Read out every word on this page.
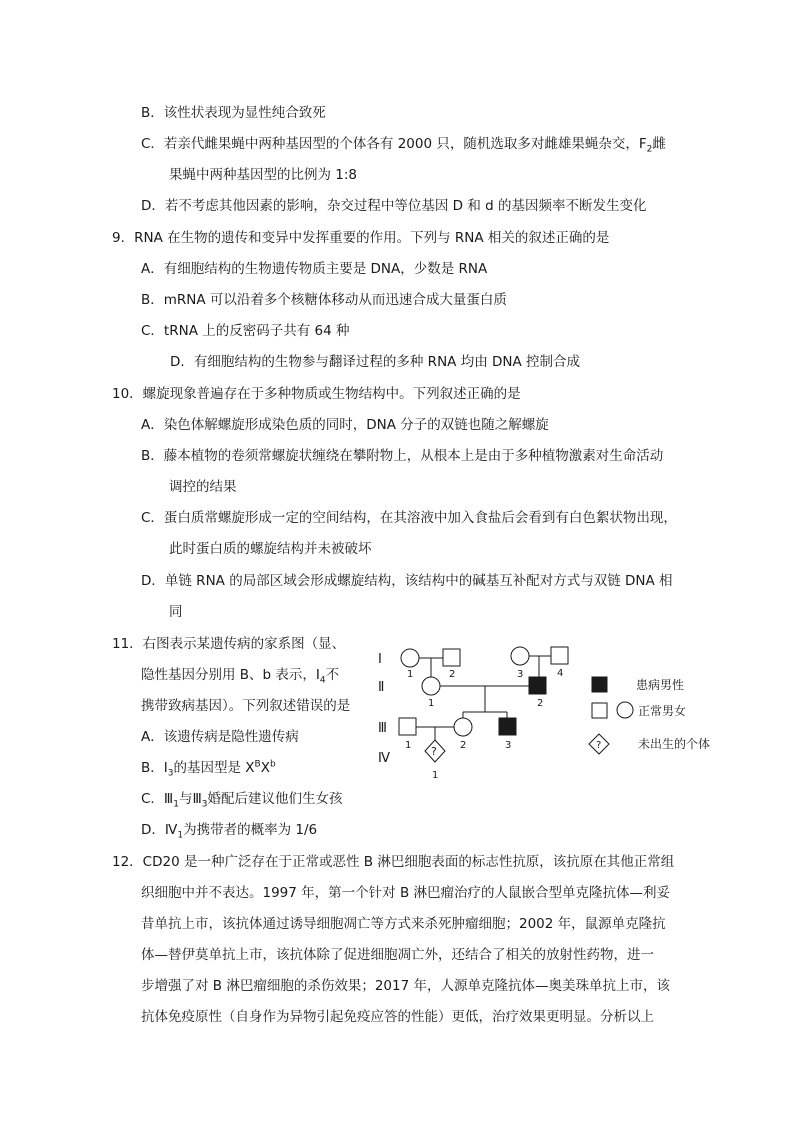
B．该性状表现为显性纯合致死
C．若亲代雌果蝇中两种基因型的个体各有 2000 只，随机选取多对雌雄果蝇杂交，$F_2$雌
果蝇中两种基因型的比例为 1:8
D．若不考虑其他因素的影响，杂交过程中等位基因 D 和 d 的基因频率不断发生变化
9．RNA 在生物的遗传和变异中发挥重要的作用。下列与 RNA 相关的叙述正确的是
A．有细胞结构的生物遗传物质主要是 DNA，少数是 RNA
B．mRNA 可以沿着多个核糖体移动从而迅速合成大量蛋白质
C．tRNA 上的反密码子共有 64 种
D．有细胞结构的生物参与翻译过程的多种 RNA 均由 DNA 控制合成
10．螺旋现象普遍存在于多种物质或生物结构中。下列叙述正确的是
A．染色体解螺旋形成染色质的同时，DNA 分子的双链也随之解螺旋
B．藤本植物的卷须常螺旋状缠绕在攀附物上，从根本上是由于多种植物激素对生命活动
调控的结果
C．蛋白质常螺旋形成一定的空间结构，在其溶液中加入食盐后会看到有白色絮状物出现，
此时蛋白质的螺旋结构并未被破坏
D．单链 RNA 的局部区域会形成螺旋结构，该结构中的碱基互补配对方式与双链 DNA 相
同
11．右图表示某遗传病的家系图（显、
隐性基因分别用 B、b 表示，$Ⅰ_4$不
携带致病基因）。下列叙述错误的是
A．该遗传病是隐性遗传病
B．$Ⅰ_3$的基因型是 $X^BX^b$
C．$Ⅲ_1$与$Ⅲ_3$婚配后建议他们生女孩
D．$Ⅳ_1$为携带者的概率为 1/6
Ⅰ
Ⅱ
Ⅲ
Ⅳ
1	2	3	4
1	2
1	2	3
?
1
?
患病男性
正常男女
未出生的个体
12．CD20 是一种广泛存在于正常或恶性 B 淋巴细胞表面的标志性抗原，该抗原在其他正常组
织细胞中并不表达。1997 年，第一个针对 B 淋巴瘤治疗的人鼠嵌合型单克隆抗体—利妥
昔单抗上市，该抗体通过诱导细胞凋亡等方式来杀死肿瘤细胞；2002 年，鼠源单克隆抗
体—替伊莫单抗上市，该抗体除了促进细胞凋亡外，还结合了相关的放射性药物，进一
步增强了对 B 淋巴瘤细胞的杀伤效果；2017 年，人源单克隆抗体—奥美珠单抗上市，该
抗体免疫原性（自身作为异物引起免疫应答的性能）更低，治疗效果更明显。分析以上
